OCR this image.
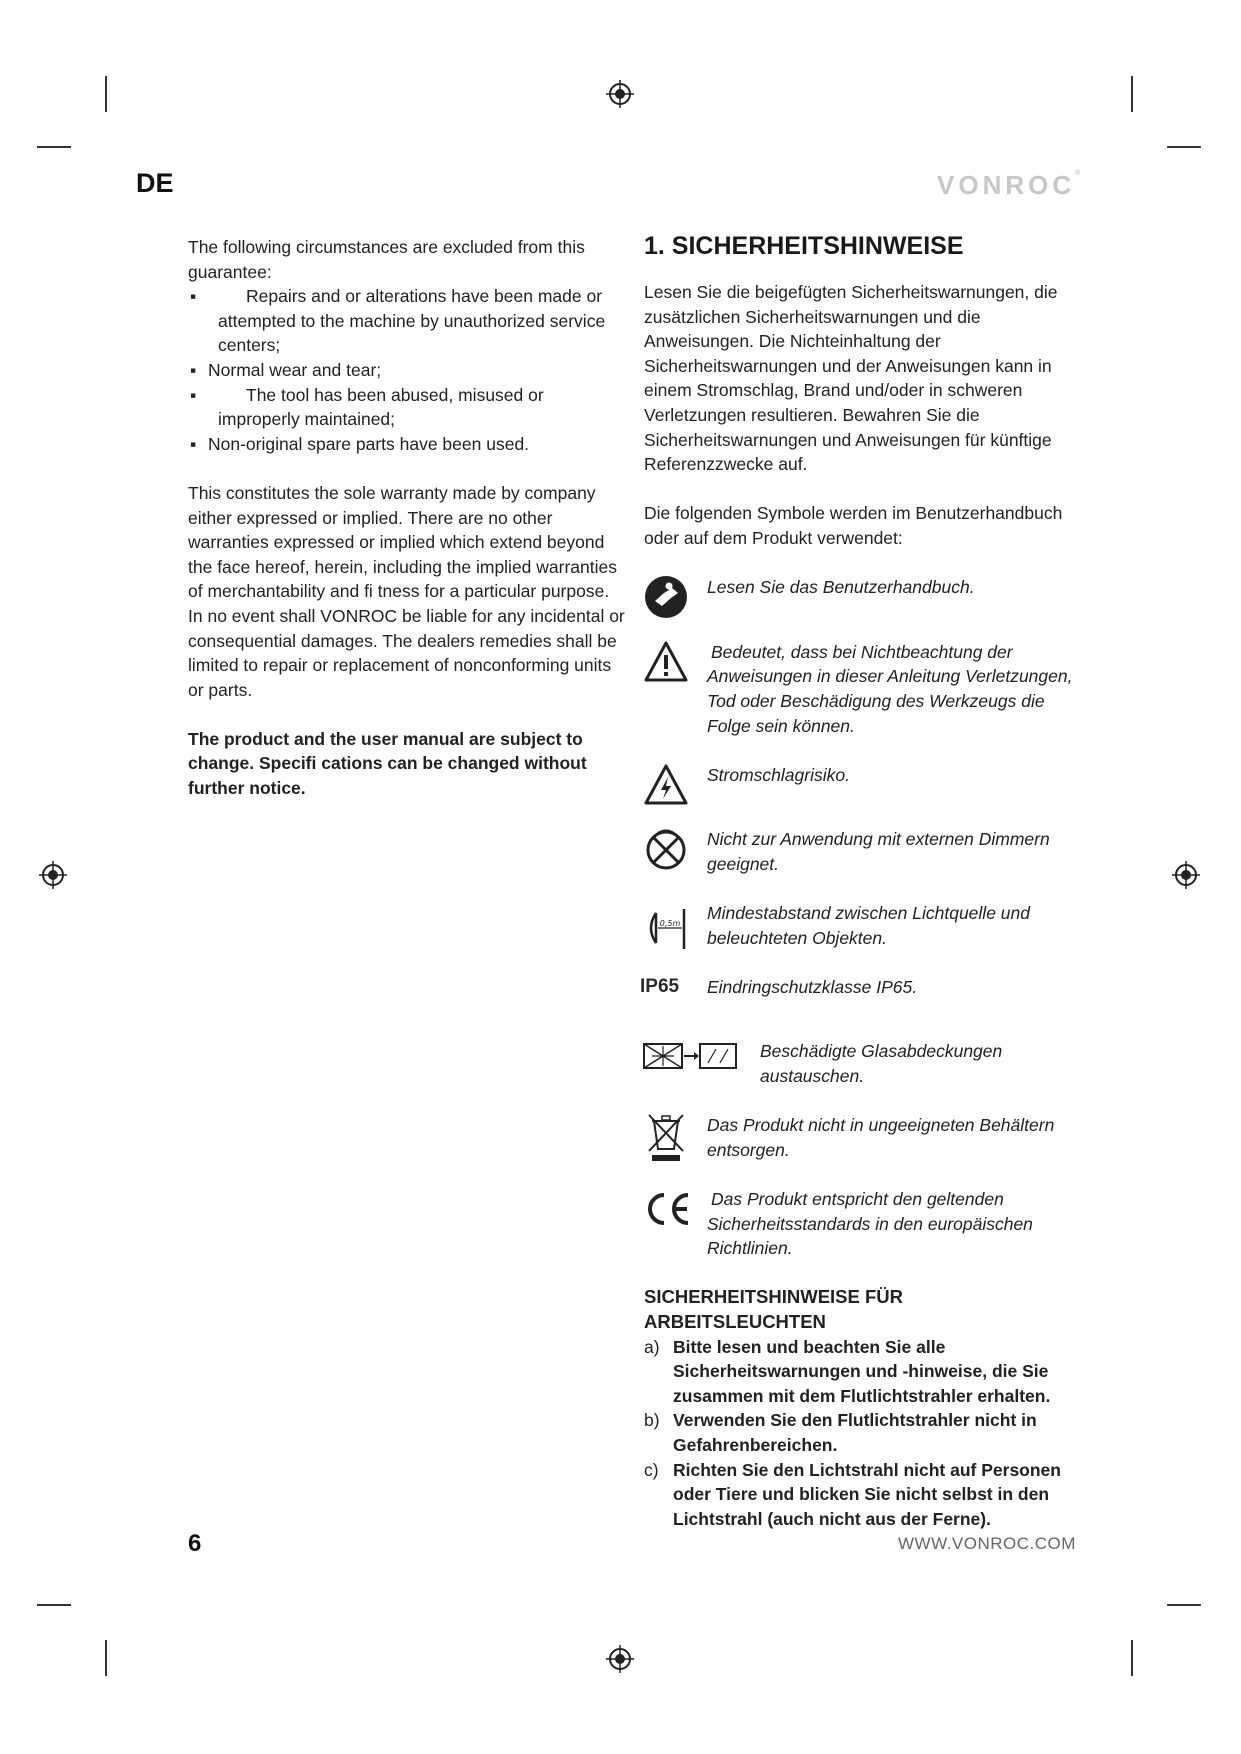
DE	VONROC®

The following circumstances are excluded from this guarantee:

▪	Repairs and or alterations have been made or attempted to the machine by unauthorized service centers;
▪ Normal wear and tear;
▪	The tool has been abused, misused or improperly maintained;
▪ Non-original spare parts have been used.

This constitutes the sole warranty made by company either expressed or implied. There are no other warranties expressed or implied which extend beyond the face hereof, herein, including the implied warranties of merchantability and fi tness for a particular purpose. In no event shall VONROC be liable for any incidental or consequential damages. The dealers remedies shall be limited to repair or replacement of nonconforming units or parts.

The product and the user manual are subject to change. Specifi cations can be changed without further notice.

1. SICHERHEITSHINWEISE

Lesen Sie die beigefügten Sicherheitswarnungen, die zusätzlichen Sicherheitswarnungen und die Anweisungen. Die Nichteinhaltung der Sicherheitswarnungen und der Anweisungen kann in einem Stromschlag, Brand und/oder in schweren Verletzungen resultieren. Bewahren Sie die Sicherheitswarnungen und Anweisungen für künftige Referenzzwecke auf.

Die folgenden Symbole werden im Benutzerhandbuch oder auf dem Produkt verwendet:

Lesen Sie das Benutzerhandbuch.
Bedeutet, dass bei Nichtbeachtung der Anweisungen in dieser Anleitung Verletzungen, Tod oder Beschädigung des Werkzeugs die Folge sein können.
Stromschlagrisiko.
Nicht zur Anwendung mit externen Dimmern geeignet.
0,5m
Mindestabstand zwischen Lichtquelle und beleuchteten Objekten.
IP65 Eindringschutzklasse IP65.
Beschädigte Glasabdeckungen austauschen.
Das Produkt nicht in ungeeigneten Behältern entsorgen.
Das Produkt entspricht den geltenden Sicherheitsstandards in den europäischen Richtlinien.
SICHERHEITSHINWEISE FÜR ARBEITSLEUCHTEN
a) Bitte lesen und beachten Sie alle Sicherheitswarnungen und -hinweise, die Sie zusammen mit dem Flutlichtstrahler erhalten.
b) Verwenden Sie den Flutlichtstrahler nicht in Gefahrenbereichen.
c) Richten Sie den Lichtstrahl nicht auf Personen oder Tiere und blicken Sie nicht selbst in den Lichtstrahl (auch nicht aus der Ferne).
6	WWW.VONROC.COM
